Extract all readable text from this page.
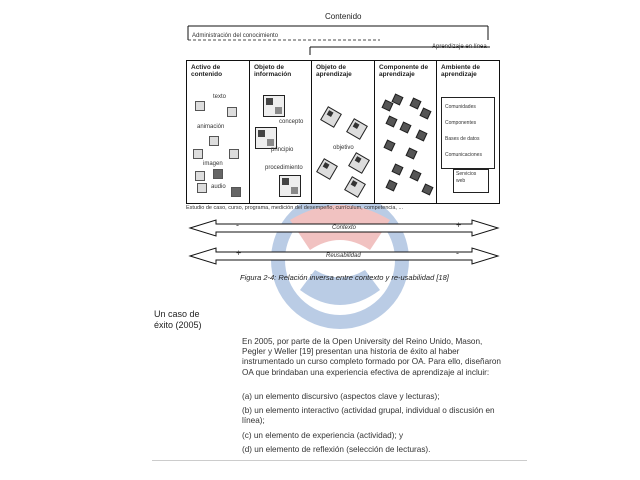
Contenido
Administración del conocimiento
Aprendizaje en línea
Activo de contenido
Objeto de información
Objeto de aprendizaje
Componente de aprendizaje
Ambiente de aprendizaje
texto
animación
imagen
audio
concepto
principio
procedimiento
objetivo
Comunidades
Componentes
Bases de datos
Comunicaciones
Servicios web
Estudio de caso, curso, programa, medición del desempeño, currículum, competencia, ...
-	Contexto	+
+	Reusabilidad	-
Figura 2-4: Relación inversa entre contexto y re-usabilidad [18]
Un caso de éxito (2005)
En 2005, por parte de la Open University del Reino Unido, Mason, Pegler y Weller [19] presentan una historia de éxito al haber instrumentado un curso completo formado por OA. Para ello, diseñaron OA que brindaban una experiencia efectiva de aprendizaje al incluir:
(a) un elemento discursivo (aspectos clave y lecturas);
(b) un elemento interactivo (actividad grupal, individual o discusión en línea);
(c) un elemento de experiencia (actividad); y
(d) un elemento de reflexión (selección de lecturas).
